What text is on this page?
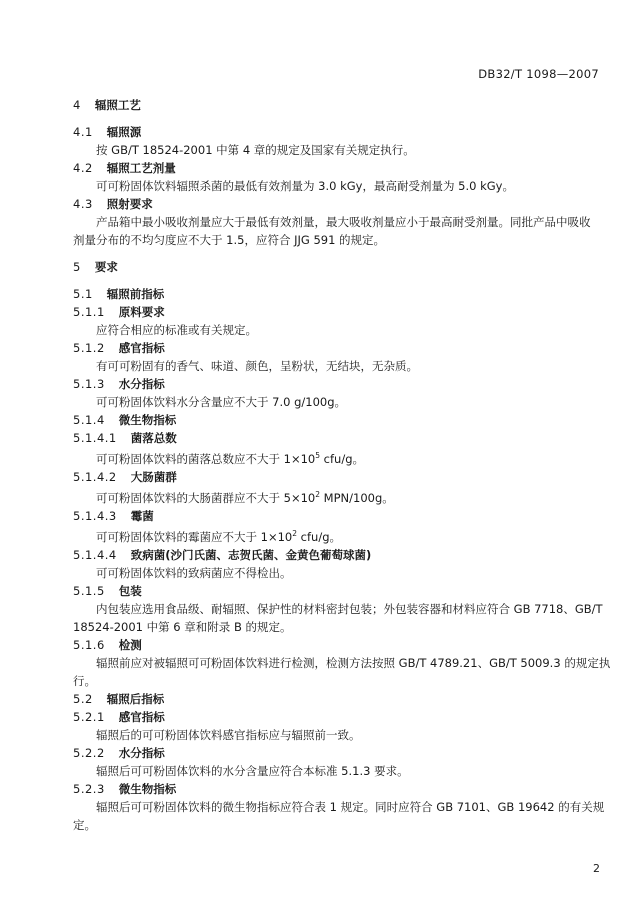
DB32/T 1098—2007
4 辐照工艺
4.1 辐照源
按 GB/T 18524-2001 中第 4 章的规定及国家有关规定执行。
4.2 辐照工艺剂量
可可粉固体饮料辐照杀菌的最低有效剂量为 3.0 kGy，最高耐受剂量为 5.0 kGy。
4.3 照射要求
产品箱中最小吸收剂量应大于最低有效剂量，最大吸收剂量应小于最高耐受剂量。同批产品中吸收
剂量分布的不均匀度应不大于 1.5，应符合 JJG 591 的规定。
5 要求
5.1 辐照前指标
5.1.1 原料要求
应符合相应的标准或有关规定。
5.1.2 感官指标
有可可粉固有的香气、味道、颜色，呈粉状，无结块，无杂质。
5.1.3 水分指标
可可粉固体饮料水分含量应不大于 7.0 g/100g。
5.1.4 微生物指标
5.1.4.1 菌落总数
可可粉固体饮料的菌落总数应不大于 $1\times 10^5$ cfu/g。
5.1.4.2 大肠菌群
可可粉固体饮料的大肠菌群应不大于 $5\times 10^2$ MPN/100g。
5.1.4.3 霉菌
可可粉固体饮料的霉菌应不大于 $1\times 10^2$ cfu/g。
5.1.4.4 致病菌(沙门氏菌、志贺氏菌、金黄色葡萄球菌)
可可粉固体饮料的致病菌应不得检出。
5.1.5 包装
内包装应选用食品级、耐辐照、保护性的材料密封包装；外包装容器和材料应符合 GB 7718、GB/T
18524-2001 中第 6 章和附录 B 的规定。
5.1.6 检测
辐照前应对被辐照可可粉固体饮料进行检测，检测方法按照 GB/T 4789.21、GB/T 5009.3 的规定执
行。
5.2 辐照后指标
5.2.1 感官指标
辐照后的可可粉固体饮料感官指标应与辐照前一致。
5.2.2 水分指标
辐照后可可粉固体饮料的水分含量应符合本标准 5.1.3 要求。
5.2.3 微生物指标
辐照后可可粉固体饮料的微生物指标应符合表 1 规定。同时应符合 GB 7101、GB 19642 的有关规
定。
2
